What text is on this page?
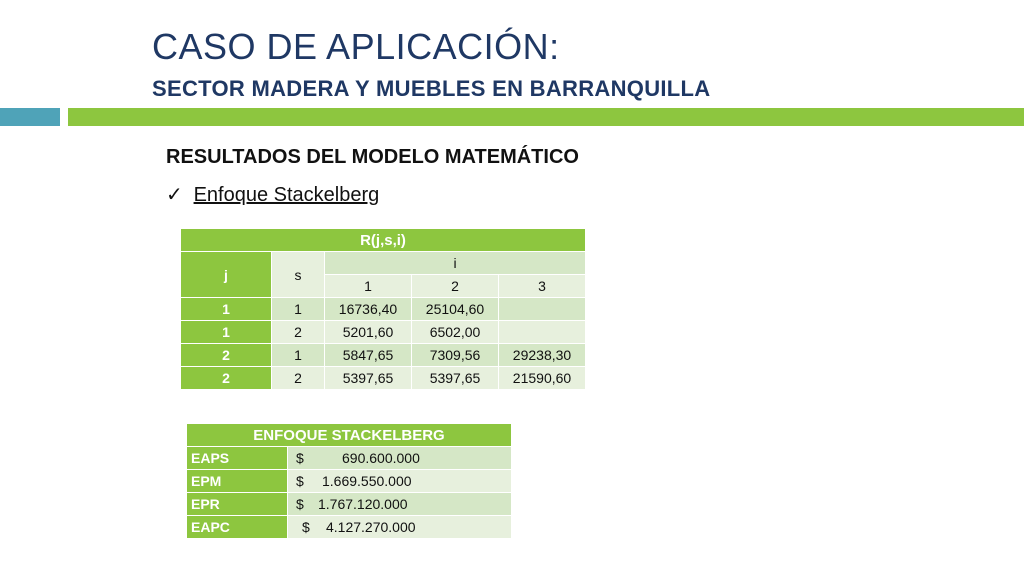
CASO DE APLICACIÓN:
SECTOR MADERA Y MUEBLES EN BARRANQUILLA
RESULTADOS DEL MODELO MATEMÁTICO
✓ Enfoque Stackelberg
R(j,s,i)				
j	s	i		
		1	2	3
1	1	16736,40	25104,60	
1	2	5201,60	6502,00	
2	1	5847,65	7309,56	29238,30
2	2	5397,65	5397,65	21590,60
ENFOQUE STACKELBERG	
EAPS	$ 690.600.000
EPM	$ 1.669.550.000
EPR	$ 1.767.120.000
EAPC	$ 4.127.270.000
